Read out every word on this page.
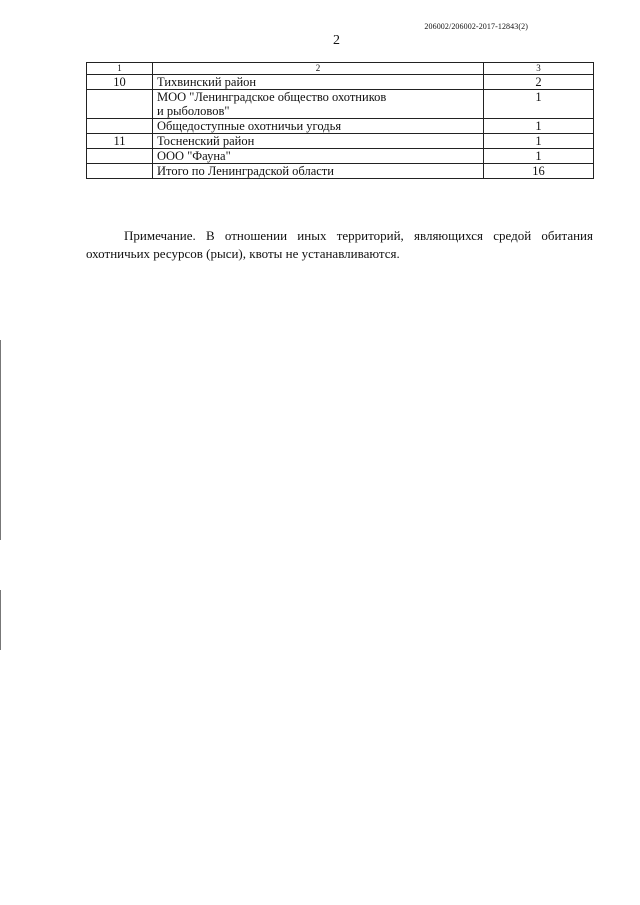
206002/206002-2017-12843(2)
2
1	2	3
10	Тихвинский район	2

	МОО "Ленинградское общество охотников
и рыболовов"	1
	Общедоступные охотничьи угодья	1
11	Тосненский район	1
	ООО "Фауна"	1
	Итого по Ленинградской области	16
Примечание. В отношении иных территорий, являющихся средой обитания охотничьих ресурсов (рыси), квоты не устанавливаются.
